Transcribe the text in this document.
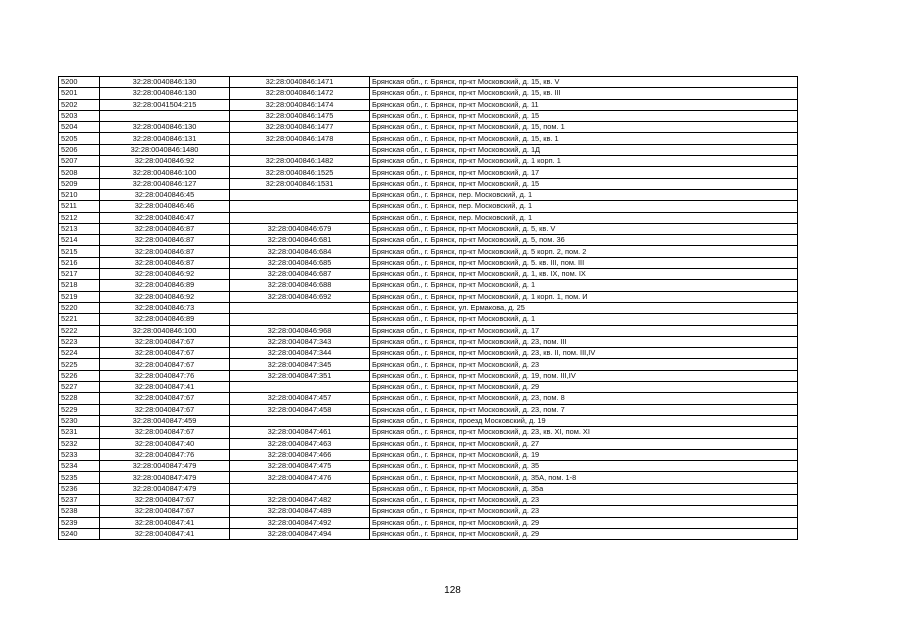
5200	32:28:0040846:130	32:28:0040846:1471	Брянская обл., г. Брянск, пр-кт Московский, д. 15, кв. V
5201	32:28:0040846:130	32:28:0040846:1472	Брянская обл., г. Брянск, пр-кт Московский, д. 15, кв. III
5202	32:28:0041504:215	32:28:0040846:1474	Брянская обл., г. Брянск, пр-кт Московский, д. 11
5203		32:28:0040846:1475	Брянская обл., г. Брянск, пр-кт Московский, д. 15
5204	32:28:0040846:130	32:28:0040846:1477	Брянская обл., г. Брянск, пр-кт Московский, д. 15, пом. 1
5205	32:28:0040846:131	32:28:0040846:1478	Брянская обл., г. Брянск, пр-кт Московский, д. 15, кв. 1
5206	32:28:0040846:1480		Брянская обл., г. Брянск, пр-кт Московский, д. 1Д
5207	32:28:0040846:92	32:28:0040846:1482	Брянская обл., г. Брянск, пр-кт Московский, д. 1 корп. 1
5208	32:28:0040846:100	32:28:0040846:1525	Брянская обл., г. Брянск, пр-кт Московский, д. 17
5209	32:28:0040846:127	32:28:0040846:1531	Брянская обл., г. Брянск, пр-кт Московский, д. 15
5210	32:28:0040846:45		Брянская обл., г. Брянск, пер. Московский, д. 1
5211	32:28:0040846:46		Брянская обл., г. Брянск, пер. Московский, д. 1
5212	32:28:0040846:47		Брянская обл., г. Брянск, пер. Московский, д. 1
5213	32:28:0040846:87	32:28:0040846:679	Брянская обл., г. Брянск, пр-кт Московский, д. 5, кв. V
5214	32:28:0040846:87	32:28:0040846:681	Брянская обл., г. Брянск, пр-кт Московский, д. 5, пом. 36
5215	32:28:0040846:87	32:28:0040846:684	Брянская обл., г. Брянск, пр-кт Московский, д. 5 корп. 2, пом. 2
5216	32:28:0040846:87	32:28:0040846:685	Брянская обл., г. Брянск, пр-кт Московский, д. 5. кв. III, пом. III
5217	32:28:0040846:92	32:28:0040846:687	Брянская обл., г. Брянск, пр-кт Московский, д. 1, кв. IX, пом. IX
5218	32:28:0040846:89	32:28:0040846:688	Брянская обл., г. Брянск, пр-кт Московский, д. 1
5219	32:28:0040846:92	32:28:0040846:692	Брянская обл., г. Брянск, пр-кт Московский, д. 1 корп. 1, пом. И
5220	32:28:0040846:73		Брянская обл., г. Брянск, ул. Ермакова, д. 25
5221	32:28:0040846:89		Брянская обл., г. Брянск, пр-кт Московский, д. 1
5222	32:28:0040846:100	32:28:0040846:968	Брянская обл., г. Брянск, пр-кт Московский, д. 17
5223	32:28:0040847:67	32:28:0040847:343	Брянская обл., г. Брянск, пр-кт Московский, д. 23, пом. III
5224	32:28:0040847:67	32:28:0040847:344	Брянская обл., г. Брянск, пр-кт Московский, д. 23, кв. II, пом. III,IV
5225	32:28:0040847:67	32:28:0040847:345	Брянская обл., г. Брянск, пр-кт Московский, д. 23
5226	32:28:0040847:76	32:28:0040847:351	Брянская обл., г. Брянск, пр-кт Московский, д. 19, пом. III,IV
5227	32:28:0040847:41		Брянская обл., г. Брянск, пр-кт Московский, д. 29
5228	32:28:0040847:67	32:28:0040847:457	Брянская обл., г. Брянск, пр-кт Московский, д. 23, пом. 8
5229	32:28:0040847:67	32:28:0040847:458	Брянская обл., г. Брянск, пр-кт Московский, д. 23, пом. 7
5230	32:28:0040847:459		Брянская обл., г. Брянск, проезд Московский, д. 19
5231	32:28:0040847:67	32:28:0040847:461	Брянская обл., г. Брянск, пр-кт Московский, д. 23, кв. XI, пом. XI
5232	32:28:0040847:40	32:28:0040847:463	Брянская обл., г. Брянск, пр-кт Московский, д. 27
5233	32:28:0040847:76	32:28:0040847:466	Брянская обл., г. Брянск, пр-кт Московский, д. 19
5234	32:28:0040847:479	32:28:0040847:475	Брянская обл., г. Брянск, пр-кт Московский, д. 35
5235	32:28:0040847:479	32:28:0040847:476	Брянская обл., г. Брянск, пр-кт Московский, д. 35А, пом. 1-8
5236	32:28:0040847:479		Брянская обл., г. Брянск, пр-кт Московский, д. 35а
5237	32:28:0040847:67	32:28:0040847:482	Брянская обл., г. Брянск, пр-кт Московский, д. 23
5238	32:28:0040847:67	32:28:0040847:489	Брянская обл., г. Брянск, пр-кт Московский, д. 23
5239	32:28:0040847:41	32:28:0040847:492	Брянская обл., г. Брянск, пр-кт Московский, д. 29
5240	32:28:0040847:41	32:28:0040847:494	Брянская обл., г. Брянск, пр-кт Московский, д. 29
128
